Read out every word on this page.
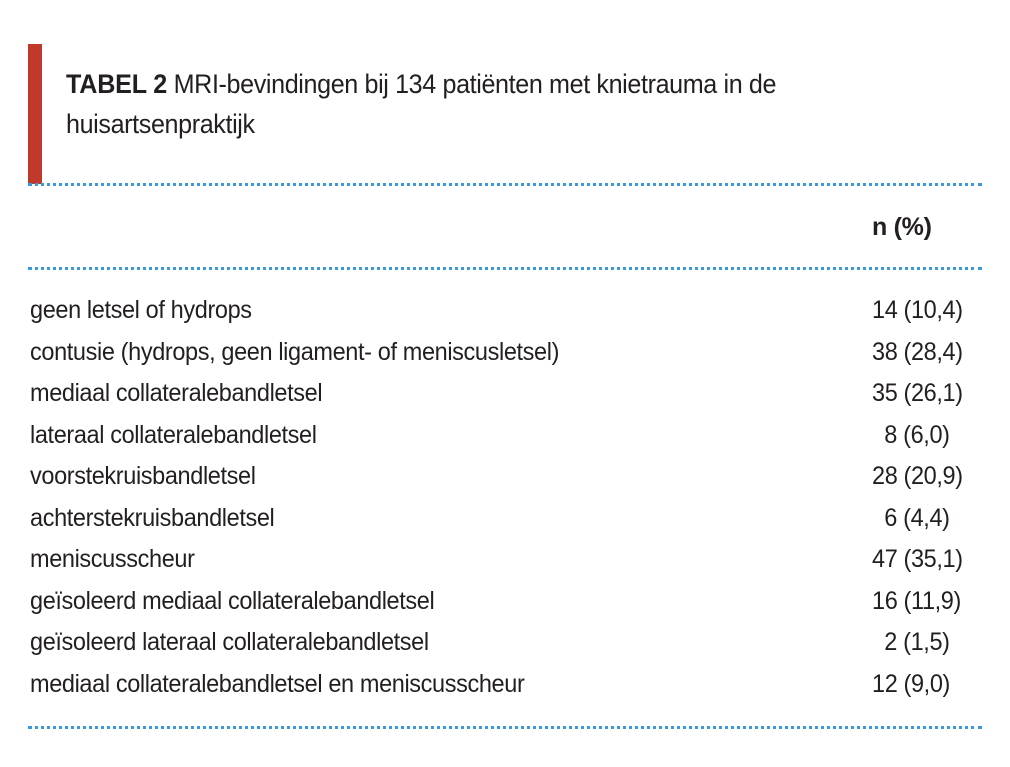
TABEL 2 MRI-bevindingen bij 134 patiënten met knietrauma in de huisartsenpraktijk
n (%)
geen letsel of hydrops	14 (10,4)
contusie (hydrops, geen ligament- of meniscusletsel)	38 (28,4)
mediaal collateralebandletsel	35 (26,1)
lateraal collateralebandletsel	8 (6,0)
voorstekruisbandletsel	28 (20,9)
achterstekruisbandletsel	6 (4,4)
meniscusscheur	47 (35,1)
geïsoleerd mediaal collateralebandletsel	16 (11,9)
geïsoleerd lateraal collateralebandletsel	2 (1,5)
mediaal collateralebandletsel en meniscusscheur	12 (9,0)
